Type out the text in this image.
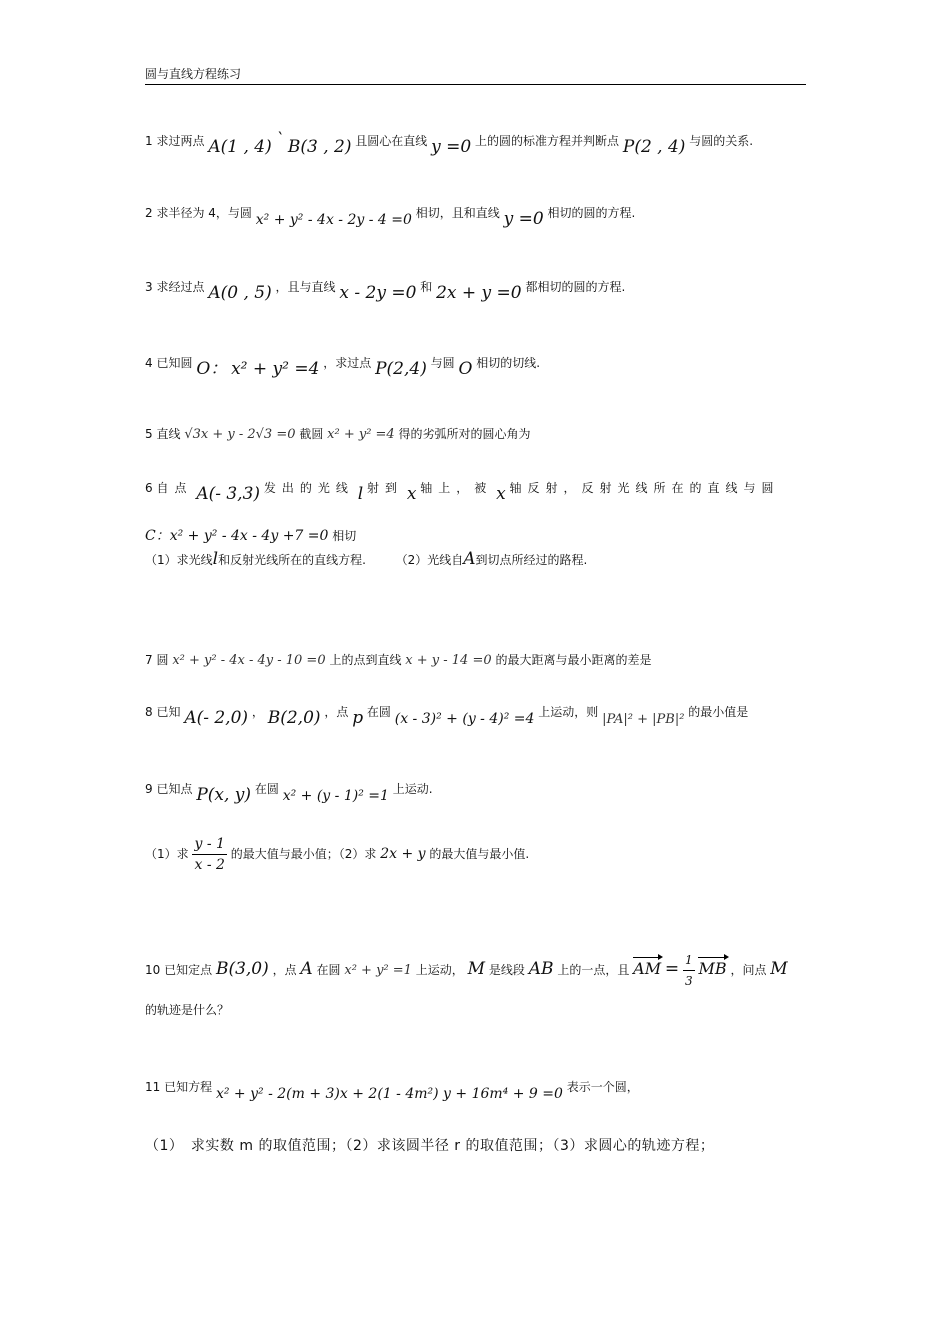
圆与直线方程练习
1 求过两点 A(1 , 4) ` B(3 , 2) 且圆心在直线 y =0 上的圆的标准方程并判断点 P(2 , 4) 与圆的关系.
2 求半径为 4，与圆 x² + y² - 4x - 2y - 4 =0 相切，且和直线 y =0 相切的圆的方程.
3 求经过点 A(0 , 5) ，且与直线 x - 2y =0 和 2x + y =0 都相切的圆的方程.
4 已知圆 O： x² + y² =4 ，求过点 P(2,4) 与圆 O 相切的切线.
5 直线 √3x + y - 2√3 =0 截圆 x² + y² =4 得的劣弧所对的圆心角为
6 自点 A(- 3,3) 发出的光线 l 射到 x 轴上，被 x 轴反射，反射光线所在的直线与圆
C：x² + y² - 4x - 4y +7 =0 相切
（1）求光线l和反射光线所在的直线方程. （2）光线自A到切点所经过的路程.
7 圆 x² + y² - 4x - 4y - 10 =0 上的点到直线 x + y - 14 =0 的最大距离与最小距离的差是
8 已知 A(- 2,0) ， B(2,0) ，点 p 在圆 (x - 3)² + (y - 4)² =4 上运动，则 |PA|² + |PB|² 的最小值是
9 已知点 P(x, y) 在圆 x² + (y - 1)² =1 上运动.
（1）求 $\frac{y - 1}{x - 2}$ 的最大值与最小值；（2）求 2x + y 的最大值与最小值.
10 已知定点 B(3,0) ，点 A 在圆 x² + y² =1 上运动， M 是线段 AB 上的一点，且 AM = $\frac{1}{3}$ MB ，问点 M
的轨迹是什么？
11 已知方程 x² + y² - 2(m + 3)x + 2(1 - 4m²) y + 16m⁴ + 9 =0 表示一个圆，
（1）　求实数 m 的取值范围；（2）求该圆半径 r 的取值范围；（3）求圆心的轨迹方程；
